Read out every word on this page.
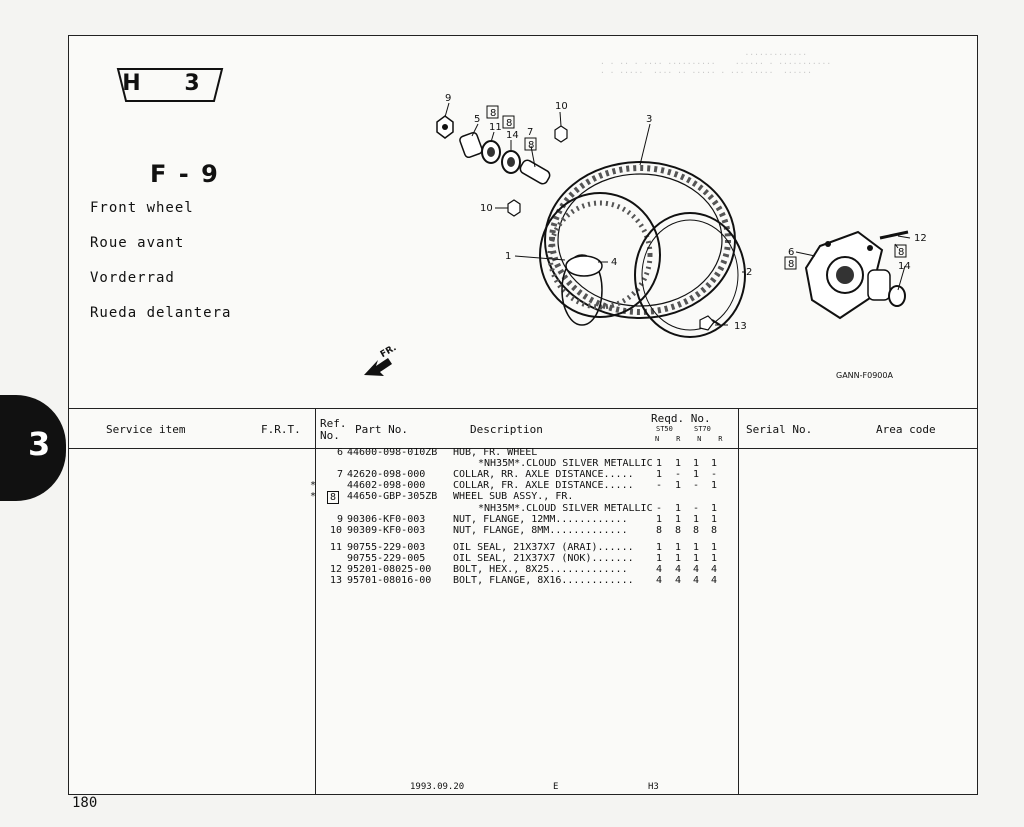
·············
· · ·· · ···· ··········    ······ · ···········
· · ·····  ···· ·· ····· · ··· ·····  ······
H 3
F - 9
Front wheel
Roue avant
Vorderrad
Rueda delantera
3
9
5
8
11 8
14 7
8
10
3
10
1
4
2
13
6
8
12
8
14
FR.
GANN-F0900A
Service item	F.R.T. Ref.
No. Part No.	Description
Reqd. No.
ST50	ST70
N    R    N    R
Serial No.	Area code
6 44600-098-010ZB HUB, FR. WHEEL
*NH35M*.CLOUD SILVER METALLIC 1 1 1 1
7 42620-098-000	COLLAR, RR. AXLE DISTANCE..... 1 - 1 -
*	44602-098-000	COLLAR, FR. AXLE DISTANCE..... - 1 - 1
*	8	44650-GBP-305ZB WHEEL SUB ASSY., FR.
*NH35M*.CLOUD SILVER METALLIC - 1 - 1
9 90306-KF0-003	NUT, FLANGE, 12MM............	1 1 1 1
10 90309-KF0-003	NUT, FLANGE, 8MM.............	8 8 8 8
11 90755-229-003	OIL SEAL, 21X37X7 (ARAI)...... 1 1 1 1
90755-229-005	OIL SEAL, 21X37X7 (NOK)....... 1 1 1 1
12 95201-08025-00 BOLT, HEX., 8X25.............	4 4 4 4
13 95701-08016-00 BOLT, FLANGE, 8X16............ 4 4 4 4
1993.09.20	E	H3
180
